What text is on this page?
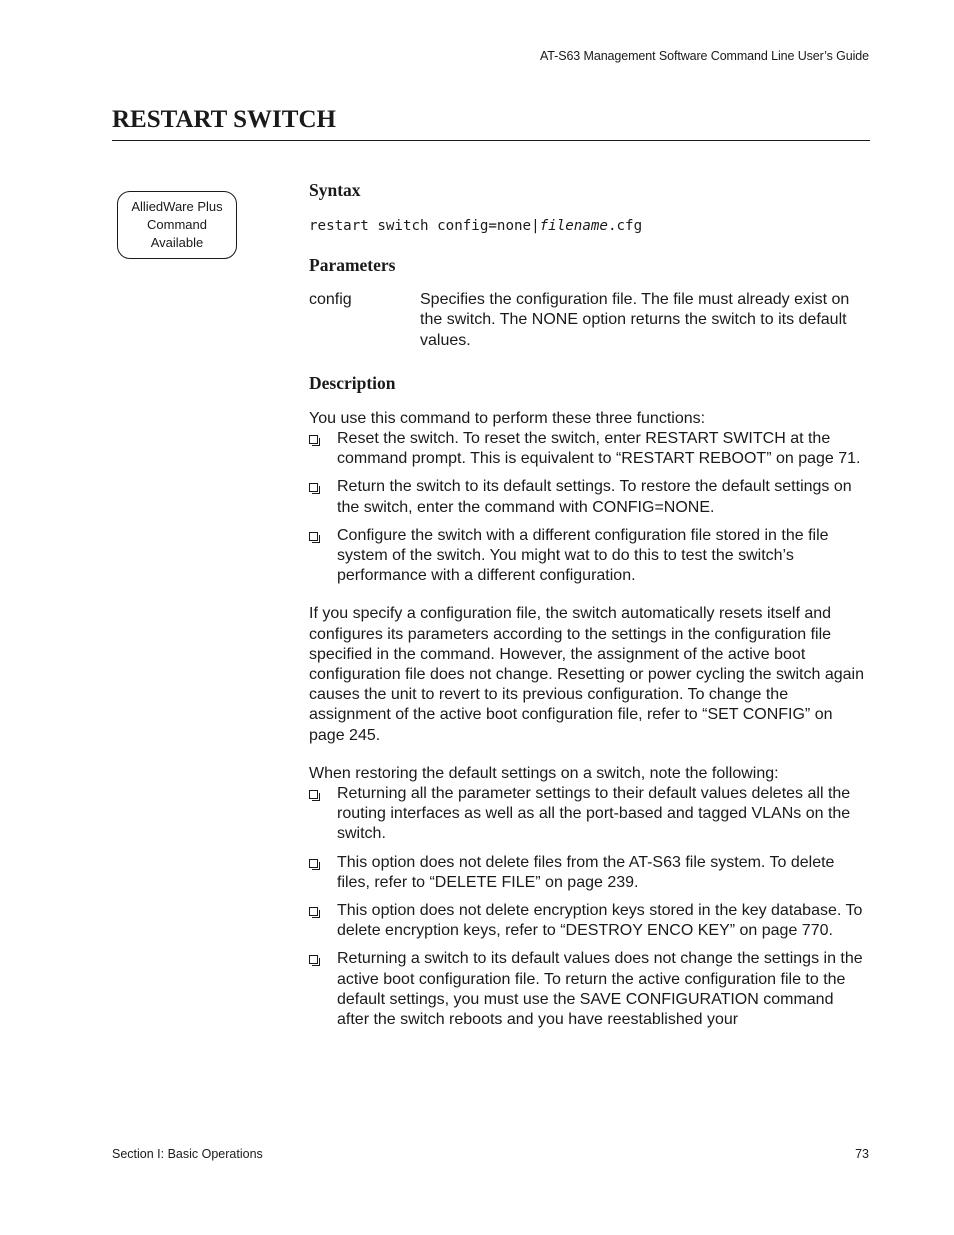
AT-S63 Management Software Command Line User’s Guide
RESTART SWITCH
AlliedWare Plus
Command
Available
Syntax
restart switch config=none|filename.cfg
Parameters
config	Specifies the configuration file. The file must already exist on the switch. The NONE option returns the switch to its default values.
Description

You use this command to perform these three functions:

Reset the switch. To reset the switch, enter RESTART SWITCH at the command prompt. This is equivalent to “RESTART REBOOT” on page 71.
Return the switch to its default settings. To restore the default settings on the switch, enter the command with CONFIG=NONE.
Configure the switch with a different configuration file stored in the file system of the switch. You might wat to do this to test the switch’s performance with a different configuration.

If you specify a configuration file, the switch automatically resets itself and configures its parameters according to the settings in the configuration file specified in the command. However, the assignment of the active boot configuration file does not change. Resetting or power cycling the switch again causes the unit to revert to its previous configuration. To change the assignment of the active boot configuration file, refer to “SET CONFIG” on page 245.

When restoring the default settings on a switch, note the following:

Returning all the parameter settings to their default values deletes all the routing interfaces as well as all the port-based and tagged VLANs on the switch.
This option does not delete files from the AT-S63 file system. To delete files, refer to “DELETE FILE” on page 239.
This option does not delete encryption keys stored in the key database. To delete encryption keys, refer to “DESTROY ENCO KEY” on page 770.
Returning a switch to its default values does not change the settings in the active boot configuration file. To return the active configuration file to the default settings, you must use the SAVE CONFIGURATION command after the switch reboots and you have reestablished your
Section I: Basic Operations	73
